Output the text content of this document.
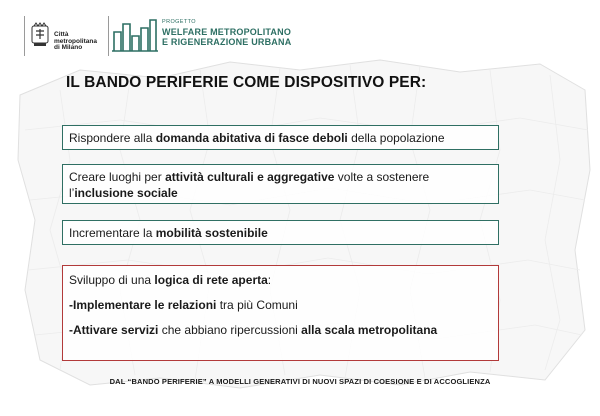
Città
metropolitana
di Milano
PROGETTO
WELFARE METROPOLITANO
E RIGENERAZIONE URBANA
IL BANDO PERIFERIE COME DISPOSITIVO PER:
Rispondere alla domanda abitativa di fasce deboli della popolazione
Creare luoghi per attività culturali e aggregative volte a sostenere l’inclusione sociale
Incrementare la mobilità sostenibile
Sviluppo di una logica di rete aperta:
-Implementare le relazioni tra più Comuni
-Attivare servizi che abbiano ripercussioni alla scala metropolitana
DAL “BANDO PERIFERIE” A MODELLI GENERATIVI DI NUOVI SPAZI DI COESIONE E DI ACCOGLIENZA
